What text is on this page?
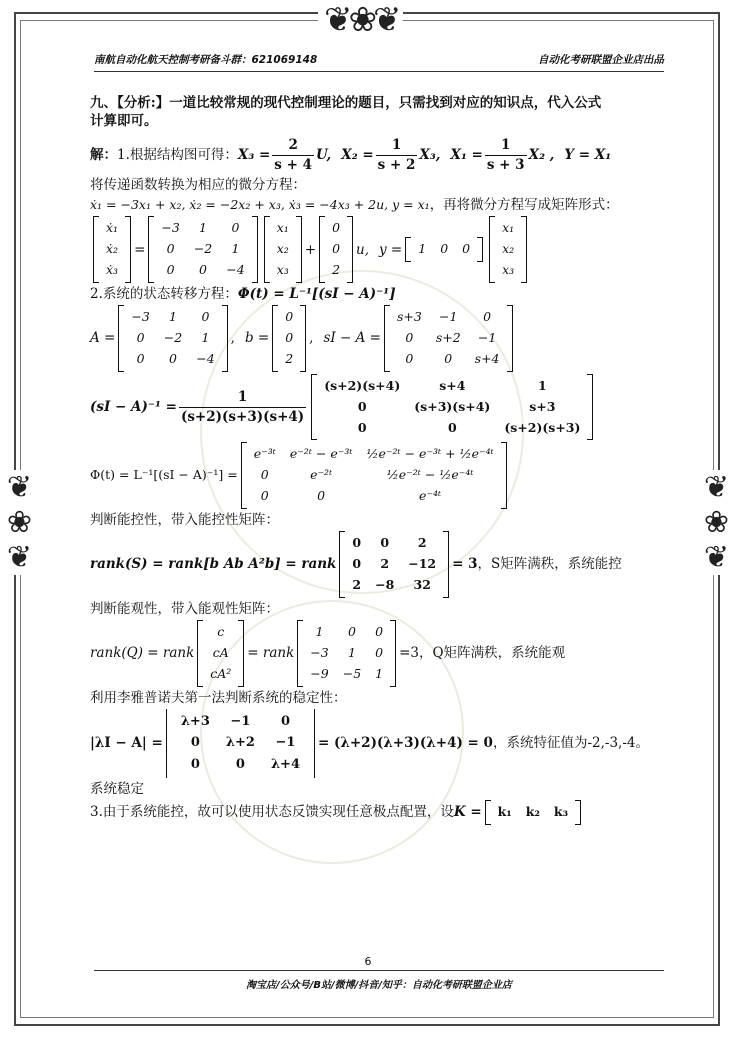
❦❀❦
❦❀❦	❦❀❦
南航自动化航天控制考研备斗群：621069148	自动化考研联盟企业店出品
九、【分析:】一道比较常规的现代控制理论的题目，只需找到对应的知识点，代入公式
计算即可。
解： 1.根据结构图可得： $X_3 = \frac{2}{s + 4} U$, $X_2 = \frac{1}{s + 2} X_3$, $X_1 = \frac{1}{s + 3} X_2$ , Y = X₁
将传递函数转换为相应的微分方程：
ẋ₁ = −3x₁ + x₂, ẋ₂ = −2x₂ + x₃, ẋ₃ = −4x₃ + 2u, y = x₁ ，再将微分方程写成矩阵形式：
ẋ₁
ẋ₂
ẋ₃
=
−3	1	0
0	−2	1
0	0	−4
x₁
x₂
x₃
+
0
0
2
u, y = 1	0	0
x₁
x₂
x₃
2.系统的状态转移方程： Φ(t) = L⁻¹[(sI − A)⁻¹]
A =
−3	1	0
0	−2	1
0	0	−4
, b =
0
0
2
, sI − A =
s+3	−1	0
0	s+2	−1
0	0	s+4
$(sI - A)^{-1} = \frac{1}{(s+2)(s+3)(s+4)}$
(s+2)(s+4)	s+4	1
0	(s+3)(s+4)	s+3
0	0	(s+2)(s+3)
Φ(t) = L⁻¹[(sI − A)⁻¹] =
e⁻³ᵗ	e⁻²ᵗ − e⁻³ᵗ	½e⁻²ᵗ − e⁻³ᵗ + ½e⁻⁴ᵗ
0	e⁻²ᵗ	½e⁻²ᵗ − ½e⁻⁴ᵗ
0	0	e⁻⁴ᵗ
判断能控性，带入能控性矩阵：
rank(S) = rank[b Ab A²b] = rank
0	0	2
0	2	−12
2	−8	32
= 3 ，S矩阵满秩，系统能控
判断能观性，带入能观性矩阵：
rank(Q) = rank
c
cA
cA²
= rank
1	0	0
−3	1	0
−9	−5	1
=3， Q矩阵满秩，系统能观
利用李雅普诺夫第一法判断系统的稳定性：
|λI − A| =
λ+3	−1	0
0	λ+2	−1
0	0	λ+4
= (λ+2)(λ+3)(λ+4) = 0 ，系统特征值为-2,-3,-4。
系统稳定
3.由于系统能控，故可以使用状态反馈实现任意极点配置，设 K = k₁	k₂	k₃
6
淘宝店/公众号/B站/微博/抖音/知乎：自动化考研联盟企业店
